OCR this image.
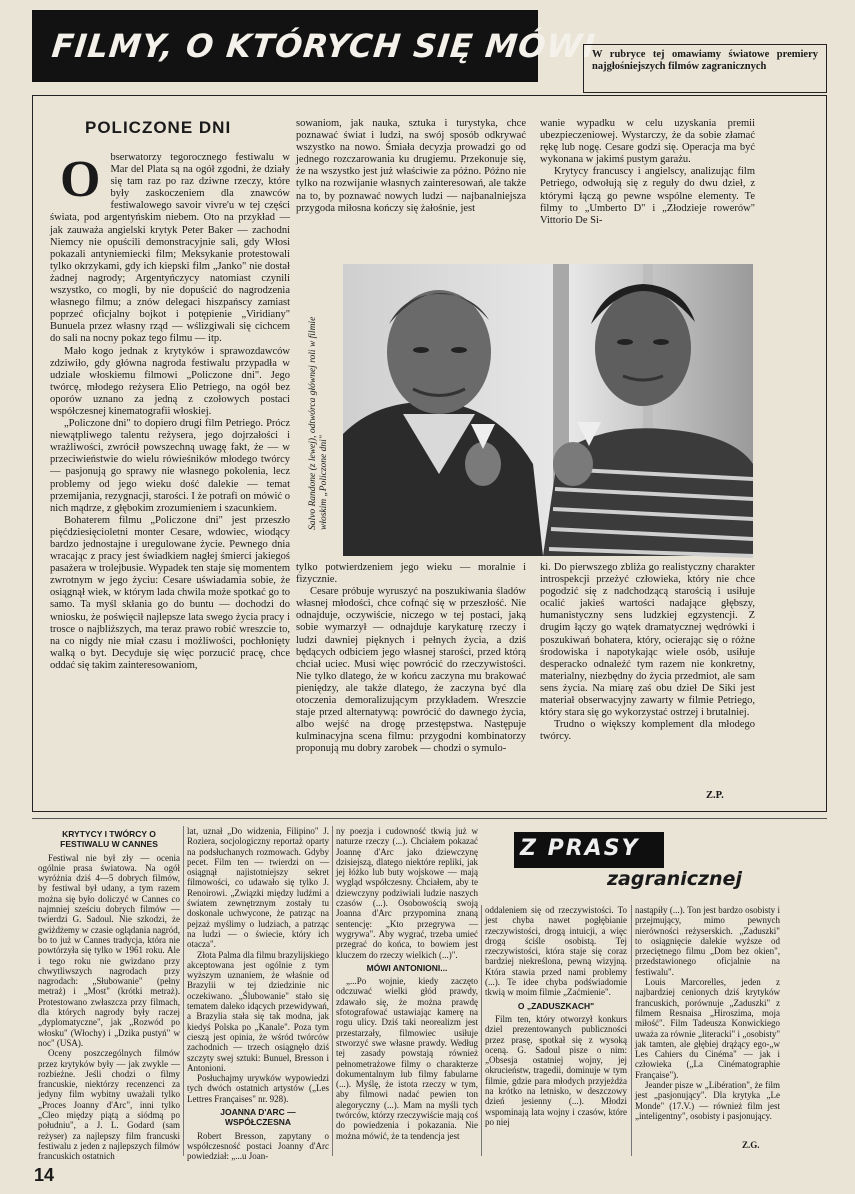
FILMY, O KTÓRYCH SIĘ MÓWI
W rubryce tej omawiamy światowe premiery najgłośniejszych filmów zagranicznych
POLICZONE DNI

Obserwatorzy tegorocznego festiwalu w Mar del Plata są na ogół zgodni, że działy się tam raz po raz dziwne rzeczy, które były zaskoczeniem dla znawców festiwalowego savoir vivre'u w tej części świata, pod argentyńskim niebem. Oto na przykład — jak zauważa angielski krytyk Peter Baker — zachodni Niemcy nie opuścili demonstracyjnie sali, gdy Włosi pokazali antyniemiecki film; Meksykanie protestowali tylko okrzykami, gdy ich kiepski film „Janko" nie dostał żadnej nagrody; Argentyńczycy natomiast czynili wszystko, co mogli, by nie dopuścić do nagrodzenia własnego filmu; a znów delegaci hiszpańscy zamiast poprzeć oficjalny bojkot i potępienie „Viridiany" Bunuela przez własny rząd — wślizgiwali się cichcem do sali na nocny pokaz tego filmu — itp.

Mało kogo jednak z krytyków i sprawozdawców zdziwiło, gdy główna nagroda festiwalu przypadła w udziale włoskiemu filmowi „Policzone dni". Jego twórcę, młodego reżysera Elio Petriego, na ogół bez oporów uznano za jedną z czołowych postaci współczesnej kinematografii włoskiej.

„Policzone dni" to dopiero drugi film Petriego. Prócz niewątpliwego talentu reżysera, jego dojrzałości i wrażliwości, zwrócił powszechną uwagę fakt, że — w przeciwieństwie do wielu rówieśników młodego twórcy — pasjonują go sprawy nie własnego pokolenia, lecz problemy od jego wieku dość dalekie — temat przemijania, rezygnacji, starości. I że potrafi on mówić o nich mądrze, z głębokim zrozumieniem i szacunkiem.

Bohaterem filmu „Policzone dni" jest przeszło pięćdziesięcioletni monter Cesare, wdowiec, wiodący bardzo jednostajne i uregulowane życie. Pewnego dnia wracając z pracy jest świadkiem nagłej śmierci jakiegoś pasażera w trolejbusie. Wypadek ten staje się momentem zwrotnym w jego życiu: Cesare uświadamia sobie, że osiągnął wiek, w którym lada chwila może spotkać go to samo. Ta myśl skłania go do buntu — dochodzi do wniosku, że poświęcił najlepsze lata swego życia pracy i trosce o najbliższych, ma teraz prawo robić wreszcie to, na co nigdy nie miał czasu i możliwości, pochłonięty walką o byt. Decyduje się więc porzucić pracę, chce oddać się takim zainteresowaniom,

sowaniom, jak nauka, sztuka i turystyka, chce poznawać świat i ludzi, na swój sposób odkrywać wszystko na nowo. Śmiała decyzja prowadzi go od jednego rozczarowania ku drugiemu. Przekonuje się, że na wszystko jest już właściwie za późno. Późno nie tylko na rozwijanie własnych zainteresowań, ale także na to, by poznawać nowych ludzi — najbanalniejsza przygoda miłosna kończy się żałośnie, jest

wanie wypadku w celu uzyskania premii ubezpieczeniowej. Wystarczy, że da sobie złamać rękę lub nogę. Cesare godzi się. Operacja ma być wykonana w jakimś pustym garażu.

Krytycy francuscy i angielscy, analizując film Petriego, odwołują się z reguły do dwu dzieł, z którymi łączą go pewne wspólne elementy. Te filmy to „Umberto D" i „Złodzieje rowerów" Vittorio De Si-

Salvo Randone (z lewej), odtwórca głównej roli w filmie włoskim „Policzone dni"

tylko potwierdzeniem jego wieku — moralnie i fizycznie.

Cesare próbuje wyruszyć na poszukiwania śladów własnej młodości, chce cofnąć się w przeszłość. Nie odnajduje, oczywiście, niczego w tej postaci, jaką sobie wymarzył — odnajduje karykaturę rzeczy i ludzi dawniej pięknych i pełnych życia, a dziś będących odbiciem jego własnej starości, przed którą chciał uciec. Musi więc powrócić do rzeczywistości. Nie tylko dlatego, że w końcu zaczyna mu brakować pieniędzy, ale także dlatego, że zaczyna być dla otoczenia demoralizującym przykładem. Wreszcie staje przed alternatywą: powrócić do dawnego życia, albo wejść na drogę przestępstwa. Następuje kulminacyjna scena filmu: przygodni kombinatorzy proponują mu dobry zarobek — chodzi o symulo-

ki. Do pierwszego zbliża go realistyczny charakter introspekcji przeżyć człowieka, który nie chce pogodzić się z nadchodzącą starością i usiłuje ocalić jakieś wartości nadające głębszy, humanistyczny sens ludzkiej egzystencji. Z drugim łączy go wątek dramatycznej wędrówki i poszukiwań bohatera, który, ocierając się o różne środowiska i napotykając wiele osób, usiłuje desperacko odnaleźć tym razem nie konkretny, materialny, niezbędny do życia przedmiot, ale sam sens życia. Na miarę zaś obu dzieł De Siki jest materiał obserwacyjny zawarty w filmie Petriego, który stara się go wykorzystać ostrzej i brutalniej.

Trudno o większy komplement dla młodego twórcy.

Z.P.

KRYTYCY I TWÓRCY O FESTIWALU W CANNES

Festiwal nie był zły — ocenia ogólnie prasa światowa. Na ogół wyróżnia dziś 4—5 dobrych filmów, by festiwal był udany, a tym razem można się było doliczyć w Cannes co najmniej sześciu dobrych filmów — twierdzi G. Sadoul. Nie szkodzi, że gwiżdżemy w czasie oglądania nagród, bo to już w Cannes tradycja, która nie powtórzyła się tylko w 1961 roku. Ale i tego roku nie gwizdano przy chwytliwszych nagrodach przy nagrodach: „Słubowanie" (pełny metraż) i „Most" (krótki metraż). Protestowano zwłaszcza przy filmach, dla których nagrody były raczej „dyplomatyczne", jak „Rozwód po włosku" (Włochy) i „Dzika pustyń" w noc" (USA).

Oceny poszczególnych filmów przez krytyków były — jak zwykle — rozbieżne. Jeśli chodzi o filmy francuskie, niektórzy recenzenci za jedyny film wybitny uważali tylko „Proces Joanny d'Arc", inni tylko „Cleo między piątą a siódmą po południu", a J. L. Godard (sam reżyser) za najlepszy film francuski festiwalu z jeden z najlepszych filmów francuskich ostatnich

lat, uznał „Do widzenia, Filipino" J. Roziera, socjologiczny reportaż oparty na podsłuchanych rozmowach. Gdyby pecet. Film ten — twierdzi on — osiągnął najistotniejszy sekret filmowości, co udawało się tylko J. Renoirowi. „Związki między ludźmi a światem zewnętrznym zostały tu doskonale uchwycone, że patrząc na pejzaż myślimy o ludziach, a patrząc na ludzi — o świecie, który ich otacza".

Złota Palma dla filmu brazylijskiego akceptowana jest ogólnie z tym wyższym uznaniem, że właśnie od Brazylii w tej dziedzinie nic oczekiwano. „Ślubowanie" stało się tematem daleko idących przewidywań, a Brazylia stała się tak modna, jak kiedyś Polska po „Kanale". Poza tym cieszą jest opinia, że wśród twórców zachodnich — trzech osiągnęło dziś szczyty swej sztuki: Bunuel, Bresson i Antonioni.

Posłuchajmy urywków wypowiedzi tych dwóch ostatnich artystów („Les Lettres Françaises" nr. 928).

JOANNA D'ARC — WSPÓŁCZESNA

Robert Bresson, zapytany o współczesność postaci Joanny d'Arc powiedział: „...u Joan-

ny poezja i cudowność tkwią już w naturze rzeczy (...). Chciałem pokazać Joannę d'Arc jako dziewczynę dzisiejszą, dlatego niektóre repliki, jak jej łóżko lub buty wojskowe — mają wygląd współczesny. Chciałem, aby te dziewczyny podziwiali ludzie naszych czasów (...). Osobowością swoją Joanna d'Arc przypomina znaną sentencję: „Kto przegrywa — wygrywa". Aby wygrać, trzeba umieć przegrać do końca, to bowiem jest kluczem do rzeczy wielkich (...)".

MÓWI ANTONIONI...

„...Po wojnie, kiedy zaczęto odczuwać wielki głód prawdy, zdawało się, że można prawdę sfotografować ustawiając kamerę na rogu ulicy. Dziś taki neorealizm jest przestarzały, filmowiec usiłuje stworzyć swe własne prawdy. Według tej zasady powstają również pełnometrażowe filmy o charakterze dokumentalnym lub filmy fabularne (...). Myślę, że istota rzeczy w tym, aby filmowi nadać pewien ton alegoryczny (...). Mam na myśli tych twórców, którzy rzeczywiście mają coś do powiedzenia i pokazania. Nie można mówić, że ta tendencja jest

Z PRASY
zagranicznej

oddaleniem się od rzeczywistości. To jest chyba nawet pogłębianie rzeczywistości, drogą intuicji, a więc drogą ściśle osobistą. Tej rzeczywistości, która staje się coraz bardziej niekreślona, pewną wizyjną. Która stawia przed nami problemy (...). Te idee chyba podświadomie tkwią w moim filmie „Zaćmienie".

O „ZADUSZKACH"

Film ten, który otworzył konkurs dziel prezentowanych publiczności przez prasę, spotkał się z wysoką oceną. G. Sadoul pisze o nim: „Obsesja ostatniej wojny, jej okrucieństw, tragedii, dominuje w tym filmie, gdzie para młodych przyjeżdża na krótko na letnisko, w deszczowy dzień jesienny (...). Młodzi wspominają lata wojny i czasów, które po niej

nastąpiły (...). Ton jest bardzo osobisty i przejmujący, mimo pewnych nierówności reżyserskich. „Zaduszki" to osiągnięcie dalekie wyższe od przeciętnego filmu „Dom bez okien", przedstawionego oficjalnie na festiwalu".

Louis Marcorelles, jeden z najbardziej cenionych dziś krytyków francuskich, porównuje „Zaduszki" z filmem Resnaisa „Hiroszima, moja miłość". Film Tadeusza Konwickiego uważa za równie „literacki" i „osobisty" jak tamten, ale głębiej drążący ego-„w Les Cahiers du Cinéma" — jak i człowieka („La Cinématographie Française").

Jeander pisze w „Libération", że film jest „pasjonujący". Dla krytyka „Le Monde" (17.V.) — również film jest „inteligentny", osobisty i pasjonujący.

Z.G.
14
